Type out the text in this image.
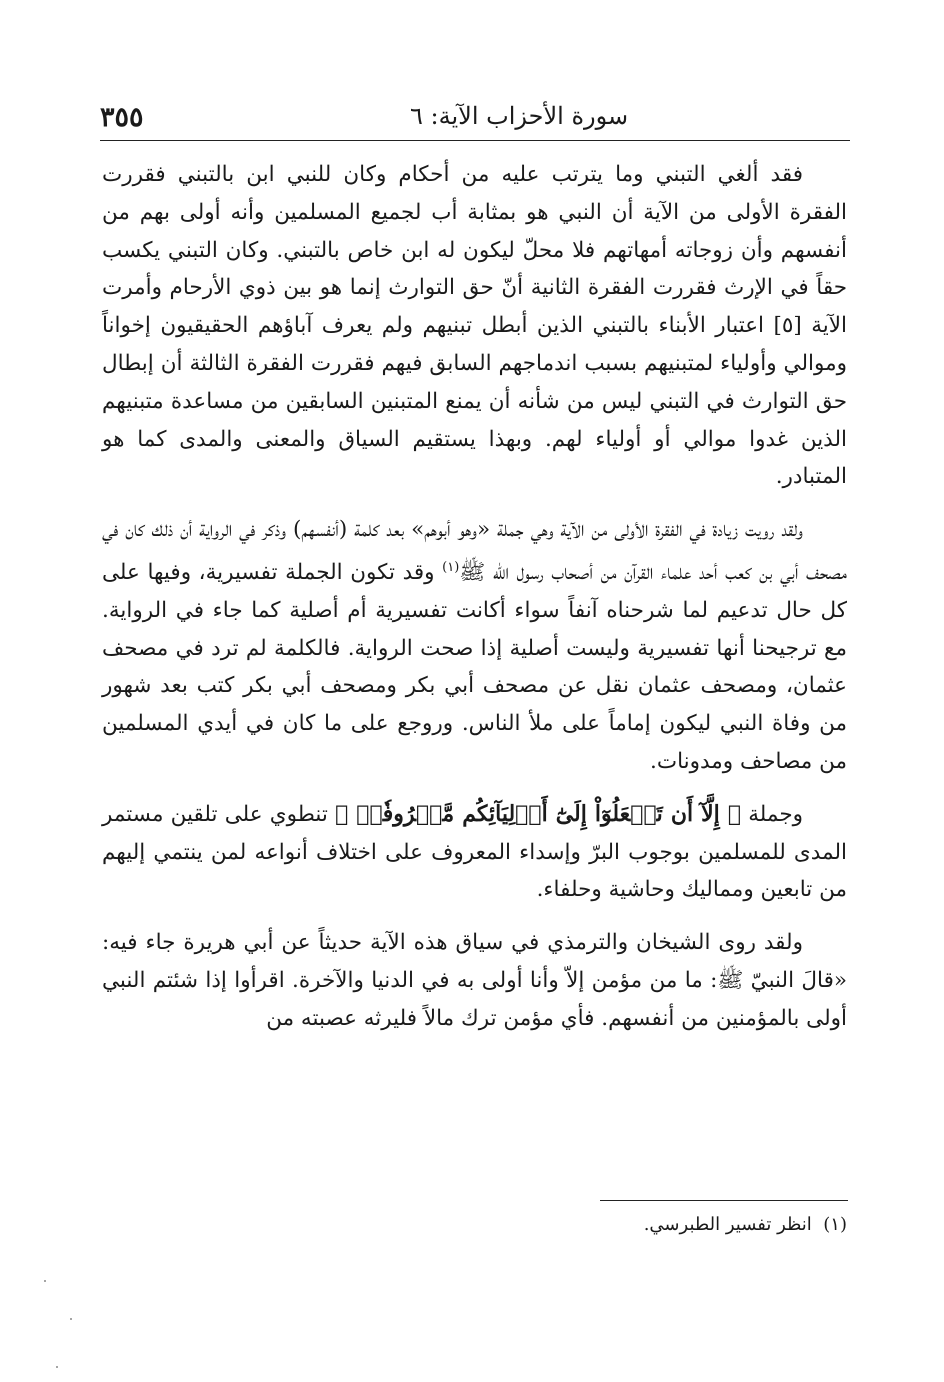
٣٥٥	سورة الأحزاب الآية: ٦

فقد ألغي التبني وما يترتب عليه من أحكام وكان للنبي ابن بالتبني فقررت الفقرة الأولى من الآية أن النبي هو بمثابة أب لجميع المسلمين وأنه أولى بهم من أنفسهم وأن زوجاته أمهاتهم فلا محلّ ليكون له ابن خاص بالتبني. وكان التبني يكسب حقاً في الإرث فقررت الفقرة الثانية أنّ حق التوارث إنما هو بين ذوي الأرحام وأمرت الآية [٥] اعتبار الأبناء بالتبني الذين أبطل تبنيهم ولم يعرف آباؤهم الحقيقيون إخواناً وموالي وأولياء لمتبنيهم بسبب اندماجهم السابق فيهم فقررت الفقرة الثالثة أن إبطال حق التوارث في التبني ليس من شأنه أن يمنع المتبنين السابقين من مساعدة متبنيهم الذين غدوا موالي أو أولياء لهم. وبهذا يستقيم السياق والمعنى والمدى كما هو المتبادر.

ولقد رويت زيادة في الفقرة الأولى من الآية وهي جملة «وهو أبوهم» بعد كلمة (أنفسهم) وذكر في الرواية أن ذلك كان في مصحف أبي بن كعب أحد علماء القرآن من أصحاب رسول الله ﷺ$^{(١)}$ وقد تكون الجملة تفسيرية، وفيها على كل حال تدعيم لما شرحناه آنفاً سواء أكانت تفسيرية أم أصلية كما جاء في الرواية. مع ترجيحنا أنها تفسيرية وليست أصلية إذا صحت الرواية. فالكلمة لم ترد في مصحف عثمان، ومصحف عثمان نقل عن مصحف أبي بكر ومصحف أبي بكر كتب بعد شهور من وفاة النبي ليكون إماماً على ملأ الناس. وروجع على ما كان في أيدي المسلمين من مصاحف ومدونات.

وجملة ﴿ إِلَّآ أَن تَفۡعَلُوٓاْ إِلَىٰٓ أَوۡلِيَآئِكُم مَّعۡرُوفٗاۚ ﴾ تنطوي على تلقين مستمر المدى للمسلمين بوجوب البرّ وإسداء المعروف على اختلاف أنواعه لمن ينتمي إليهم من تابعين ومماليك وحاشية وحلفاء.

ولقد روى الشيخان والترمذي في سياق هذه الآية حديثاً عن أبي هريرة جاء فيه: «قالَ النبيّ ﷺ: ما من مؤمن إلاّ وأنا أولى به في الدنيا والآخرة. اقرأوا إذا شئتم النبي أولى بالمؤمنين من أنفسهم. فأي مؤمن ترك مالاً فليرثه عصبته من

(١)  انظر تفسير الطبرسي.
